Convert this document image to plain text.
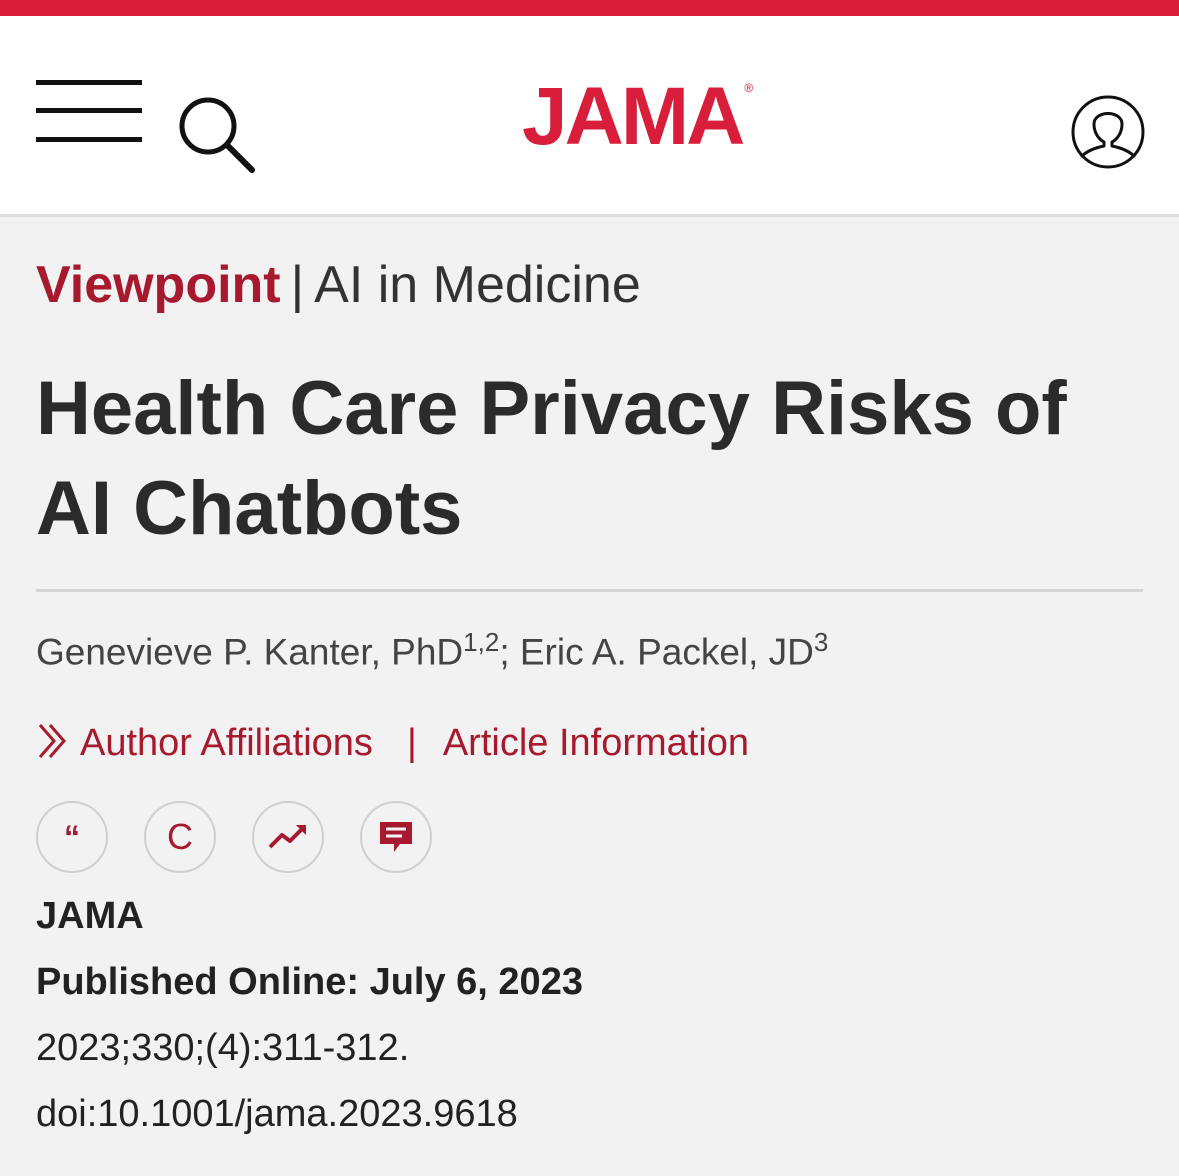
JAMA ®
Viewpoint | AI in Medicine
Health Care Privacy Risks of AI Chatbots
Genevieve P. Kanter, PhD$^{1,2}$; Eric A. Packel, $JD^3$
Author Affiliations | Article Information
“ C
JAMA
Published Online: July 6, 2023
2023;330;(4):311-312.
doi:10.1001/jama.2023.9618
